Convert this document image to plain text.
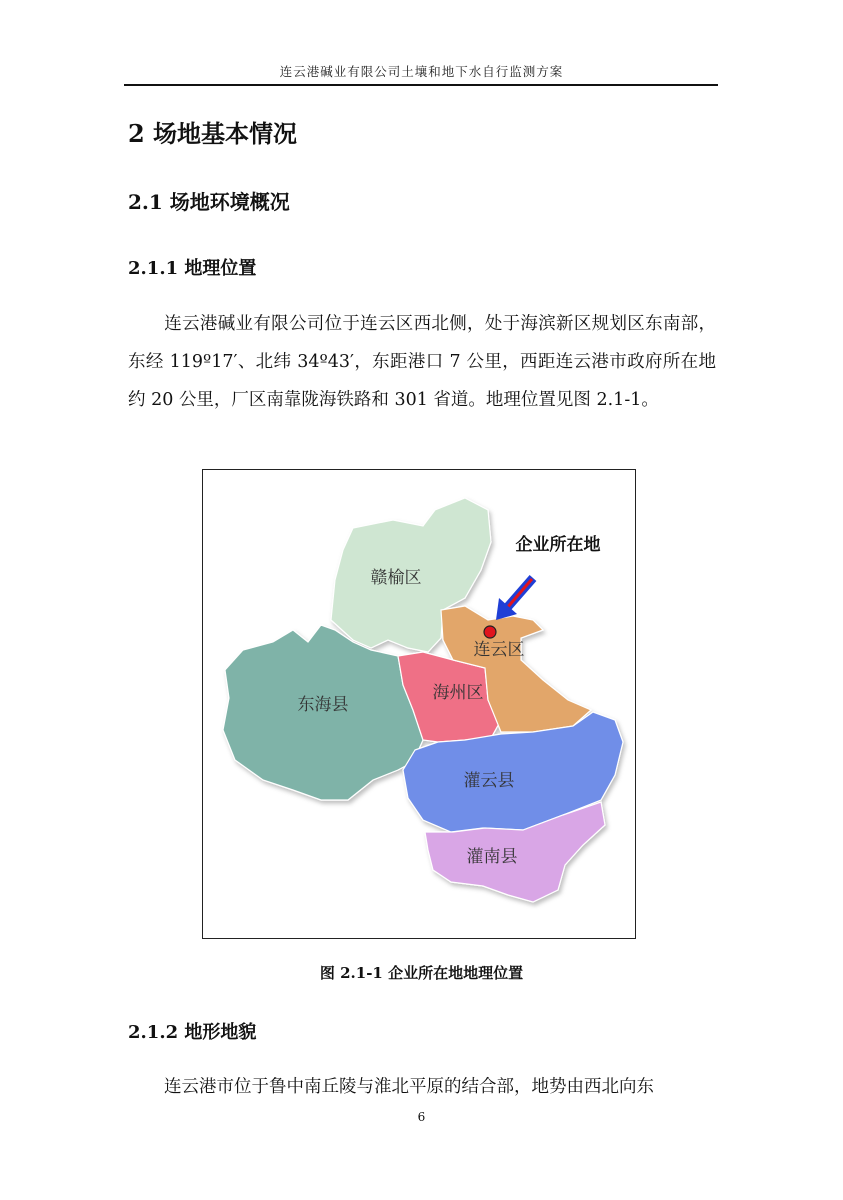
连云港碱业有限公司土壤和地下水自行监测方案
2 场地基本情况
2.1 场地环境概况
2.1.1 地理位置

连云港碱业有限公司位于连云区西北侧，处于海滨新区规划区东南部，东经 119º17′、北纬 34º43′，东距港口 7 公里，西距连云港市政府所在地约 20 公里，厂区南靠陇海铁路和 301 省道。地理位置见图 2.1-1。

赣榆区
连云区
海州区
东海县
灌云县
灌南县
企业所在地
图 2.1-1 企业所在地地理位置
2.1.2 地形地貌

连云港市位于鲁中南丘陵与淮北平原的结合部，地势由西北向东

6
